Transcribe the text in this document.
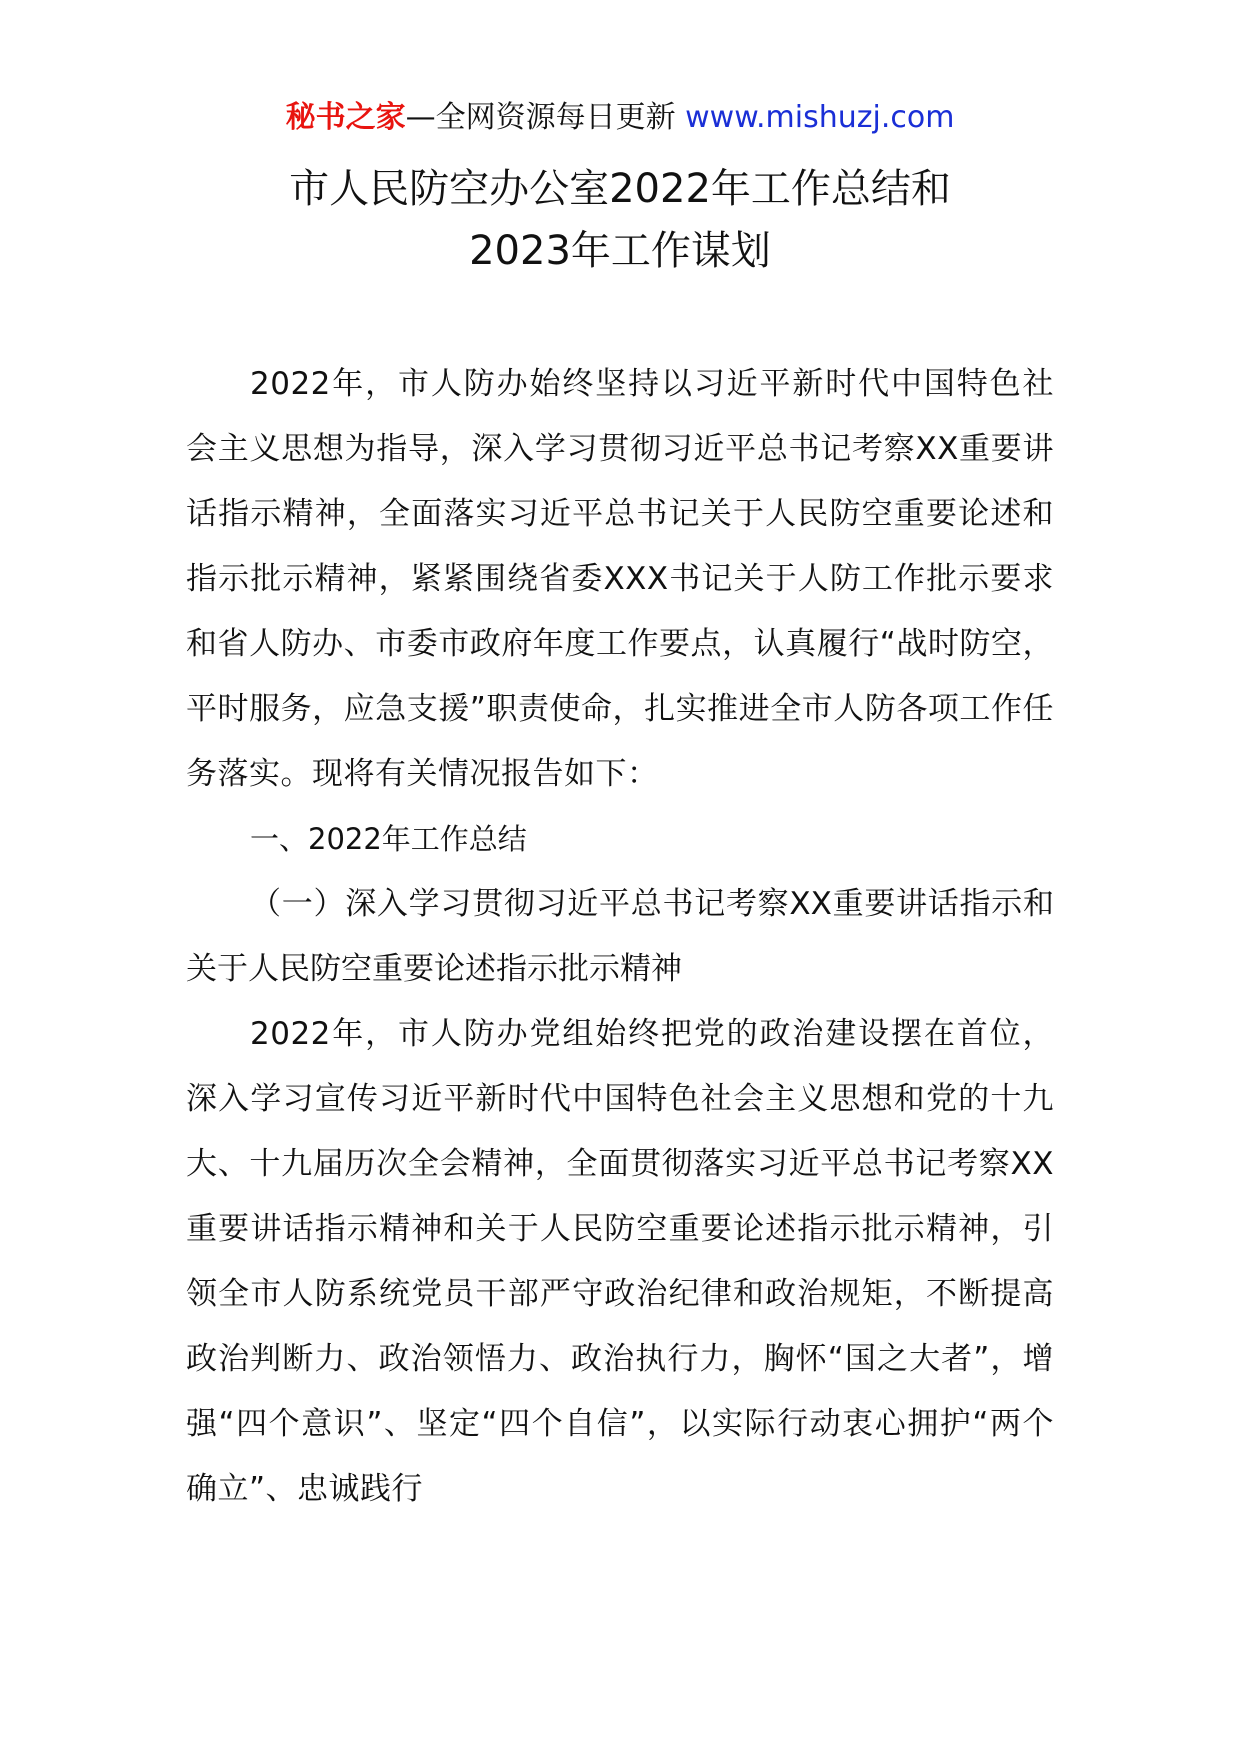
秘书之家—全网资源每日更新 www.mishuzj.com
市人民防空办公室2022年工作总结和
2023年工作谋划

2022年，市人防办始终坚持以习近平新时代中国特色社会主义思想为指导，深入学习贯彻习近平总书记考察XX重要讲话指示精神，全面落实习近平总书记关于人民防空重要论述和指示批示精神，紧紧围绕省委XXX书记关于人防工作批示要求和省人防办、市委市政府年度工作要点，认真履行“战时防空，平时服务，应急支援”职责使命，扎实推进全市人防各项工作任务落实。现将有关情况报告如下：

一、2022年工作总结

（一）深入学习贯彻习近平总书记考察XX重要讲话指示和关于人民防空重要论述指示批示精神

2022年，市人防办党组始终把党的政治建设摆在首位，深入学习宣传习近平新时代中国特色社会主义思想和党的十九大、十九届历次全会精神，全面贯彻落实习近平总书记考察XX重要讲话指示精神和关于人民防空重要论述指示批示精神，引领全市人防系统党员干部严守政治纪律和政治规矩，不断提高政治判断力、政治领悟力、政治执行力，胸怀“国之大者”，增强“四个意识”、坚定“四个自信”，以实际行动衷心拥护“两个确立”、忠诚践行
